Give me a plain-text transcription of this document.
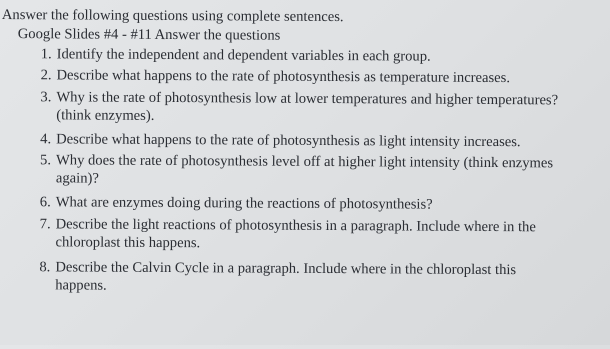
Answer the following questions using complete sentences.
Google Slides #4 - #11 Answer the questions
1. Identify the independent and dependent variables in each group.
2. Describe what happens to the rate of photosynthesis as temperature increases.
3. Why is the rate of photosynthesis low at lower temperatures and higher temperatures?
(think enzymes).
4. Describe what happens to the rate of photosynthesis as light intensity increases.
5. Why does the rate of photosynthesis level off at higher light intensity (think enzymes
again)?
6. What are enzymes doing during the reactions of photosynthesis?
7. Describe the light reactions of photosynthesis in a paragraph. Include where in the
chloroplast this happens.
8. Describe the Calvin Cycle in a paragraph. Include where in the chloroplast this
happens.
